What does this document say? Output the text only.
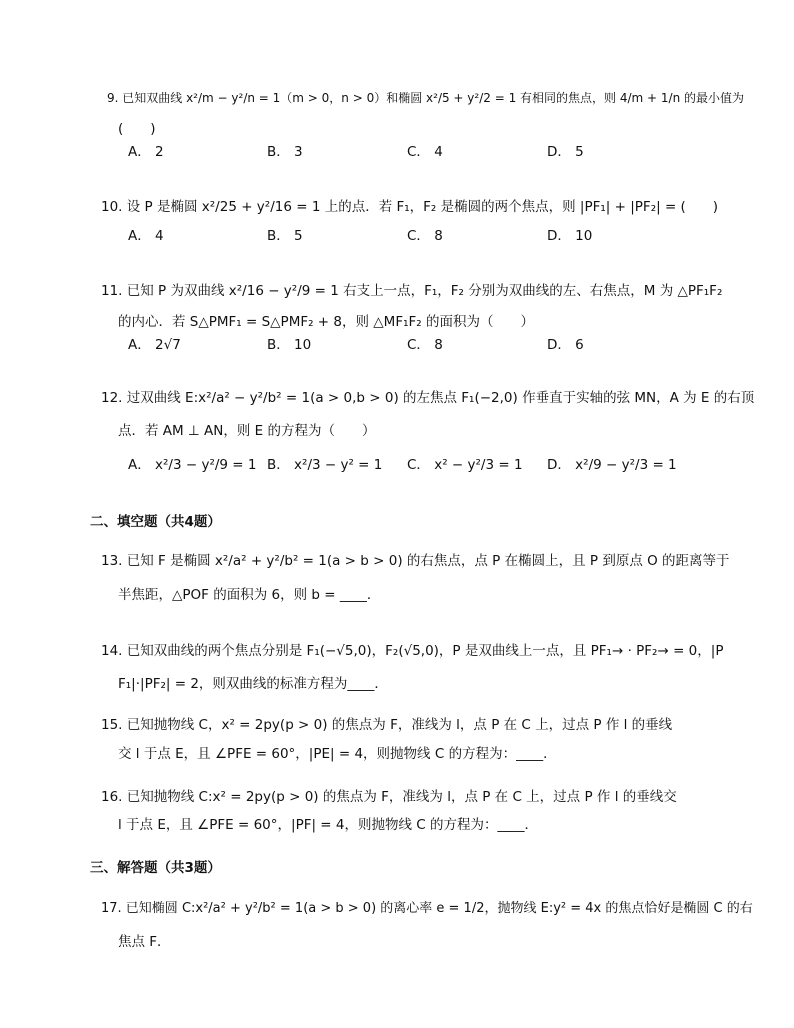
9. 已知双曲线 x²/m − y²/n = 1（m > 0，n > 0）和椭圆 x²/5 + y²/2 = 1 有相同的焦点，则 4/m + 1/n 的最小值为
(　　)
A． 2	B． 3	C． 4	D． 5
10. 设 P 是椭圆 x²/25 + y²/16 = 1 上的点．若 F₁，F₂ 是椭圆的两个焦点，则 |PF₁| + |PF₂| = (　　)
A． 4	B． 5	C． 8	D． 10
11. 已知 P 为双曲线 x²/16 − y²/9 = 1 右支上一点，F₁，F₂ 分别为双曲线的左、右焦点，M 为 △PF₁F₂
的内心．若 S△PMF₁ = S△PMF₂ + 8，则 △MF₁F₂ 的面积为（　　）
A． 2√7	B． 10	C． 8	D． 6
12. 过双曲线 E:x²/a² − y²/b² = 1(a > 0,b > 0) 的左焦点 F₁(−2,0) 作垂直于实轴的弦 MN，A 为 E 的右顶
点．若 AM ⊥ AN，则 E 的方程为（　　）
A． x²/3 − y²/9 = 1 B． x²/3 − y² = 1 C． x² − y²/3 = 1 D． x²/9 − y²/3 = 1
二、填空题（共4题）
13. 已知 F 是椭圆 x²/a² + y²/b² = 1(a > b > 0) 的右焦点，点 P 在椭圆上，且 P 到原点 O 的距离等于
半焦距，△POF 的面积为 6，则 b = ____．
14. 已知双曲线的两个焦点分别是 F₁(−√5,0)，F₂(√5,0)，P 是双曲线上一点，且 PF₁→ · PF₂→ = 0，|P
F₁|·|PF₂| = 2，则双曲线的标准方程为____．
15. 已知抛物线 C，x² = 2py(p > 0) 的焦点为 F，准线为 l，点 P 在 C 上，过点 P 作 l 的垂线
交 l 于点 E，且 ∠PFE = 60°，|PE| = 4，则抛物线 C 的方程为：____．
16. 已知抛物线 C:x² = 2py(p > 0) 的焦点为 F，准线为 l，点 P 在 C 上，过点 P 作 l 的垂线交
l 于点 E，且 ∠PFE = 60°，|PF| = 4，则抛物线 C 的方程为：____．
三、解答题（共3题）
17. 已知椭圆 C:x²/a² + y²/b² = 1(a > b > 0) 的离心率 e = 1/2，抛物线 E:y² = 4x 的焦点恰好是椭圆 C 的右
焦点 F．
